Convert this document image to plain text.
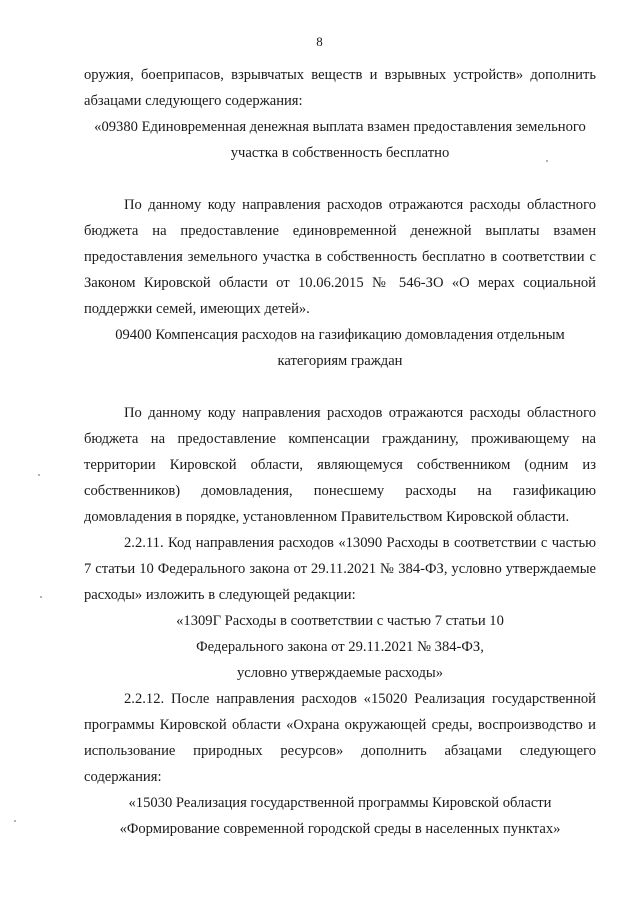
8

оружия, боеприпасов, взрывчатых веществ и взрывных устройств» дополнить абзацами следующего содержания:

«09380 Единовременная денежная выплата взамен предоставления земельного участка в собственность бесплатно

По данному коду направления расходов отражаются расходы областного бюджета на предоставление единовременной денежной выплаты взамен предоставления земельного участка в собственность бесплатно в соответствии с Законом Кировской области от 10.06.2015 № 546-ЗО «О мерах социальной поддержки семей, имеющих детей».

09400 Компенсация расходов на газификацию домовладения отдельным категориям граждан

По данному коду направления расходов отражаются расходы областного бюджета на предоставление компенсации гражданину, проживающему на территории Кировской области, являющемуся собственником (одним из собственников) домовладения, понесшему расходы на газификацию домовладения в порядке, установленном Правительством Кировской области.

2.2.11. Код направления расходов «13090 Расходы в соответствии с частью 7 статьи 10 Федерального закона от 29.11.2021 № 384-ФЗ, условно утверждаемые расходы» изложить в следующей редакции:

«1309Г Расходы в соответствии с частью 7 статьи 10

Федерального закона от 29.11.2021 № 384-ФЗ,

условно утверждаемые расходы»

2.2.12. После направления расходов «15020 Реализация государственной программы Кировской области «Охрана окружающей среды, воспроизводство и использование природных ресурсов» дополнить абзацами следующего содержания:

«15030 Реализация государственной программы Кировской области

«Формирование современной городской среды в населенных пунктах»
